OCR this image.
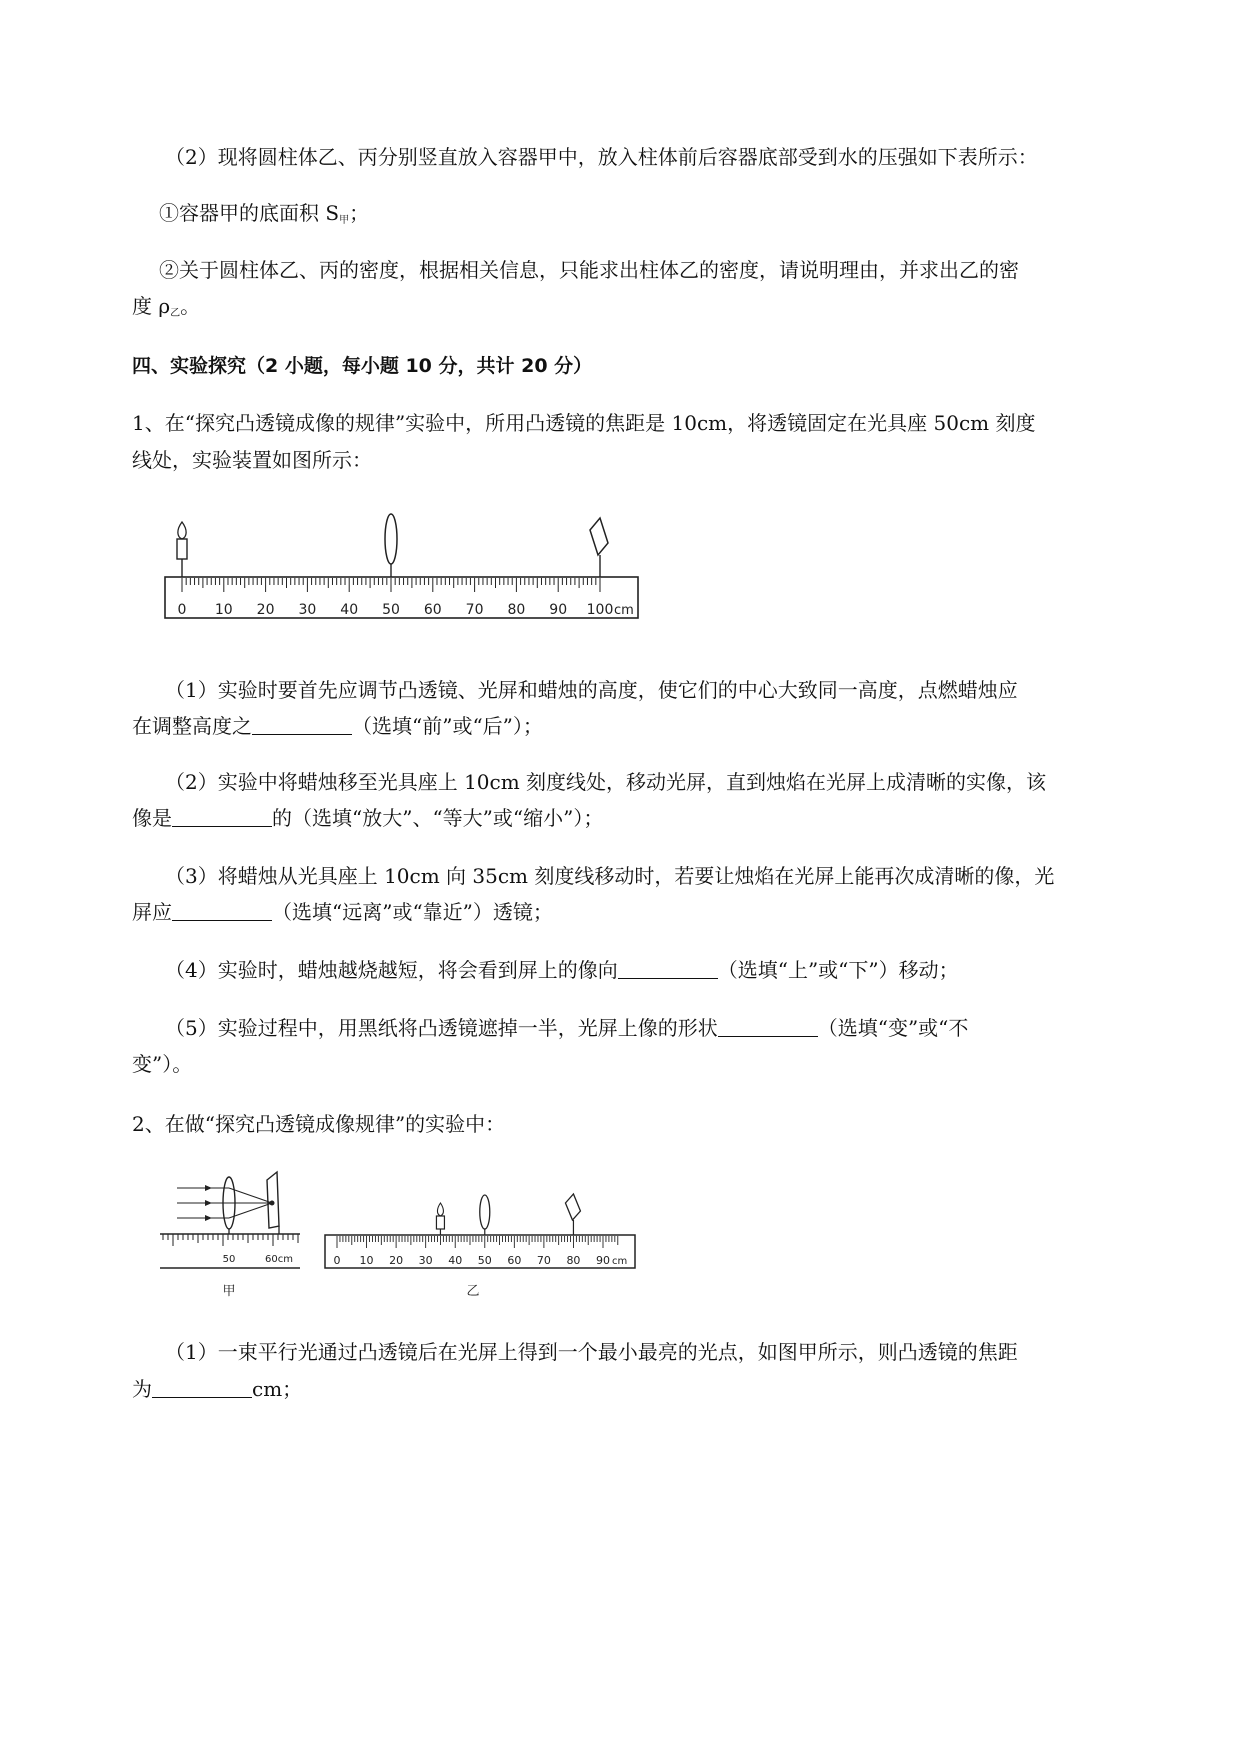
（2）现将圆柱体乙、丙分别竖直放入容器甲中，放入柱体前后容器底部受到水的压强如下表所示：
①容器甲的底面积 $S_甲$；
②关于圆柱体乙、丙的密度，根据相关信息，只能求出柱体乙的密度，请说明理由，并求出乙的密
度 $\rho_乙$。
四、实验探究（2 小题，每小题 10 分，共计 20 分）
1、在“探究凸透镜成像的规律”实验中，所用凸透镜的焦距是 10cm，将透镜固定在光具座 50cm 刻度
线处，实验装置如图所示：
0 10 20 30 40 50 60 70 80 90 100 cm
（1）实验时要首先应调节凸透镜、光屏和蜡烛的高度，使它们的中心大致同一高度，点燃蜡烛应
在调整高度之	（选填“前”或“后”）；
（2）实验中将蜡烛移至光具座上 10cm 刻度线处，移动光屏，直到烛焰在光屏上成清晰的实像，该
像是	的（选填“放大”、“等大”或“缩小”）；
（3）将蜡烛从光具座上 10cm 向 35cm 刻度线移动时，若要让烛焰在光屏上能再次成清晰的像，光
屏应	（选填“远离”或“靠近”）透镜；
（4）实验时，蜡烛越烧越短，将会看到屏上的像向	（选填“上”或“下”）移动；
（5）实验过程中，用黑纸将凸透镜遮掉一半，光屏上像的形状	（选填“变”或“不
变”）。
2、在做“探究凸透镜成像规律”的实验中：
50	60cm
甲
0 10 20 30 40 50 60 70 80 90 cm
乙
（1）一束平行光通过凸透镜后在光屏上得到一个最小最亮的光点，如图甲所示，则凸透镜的焦距
为	cm；
